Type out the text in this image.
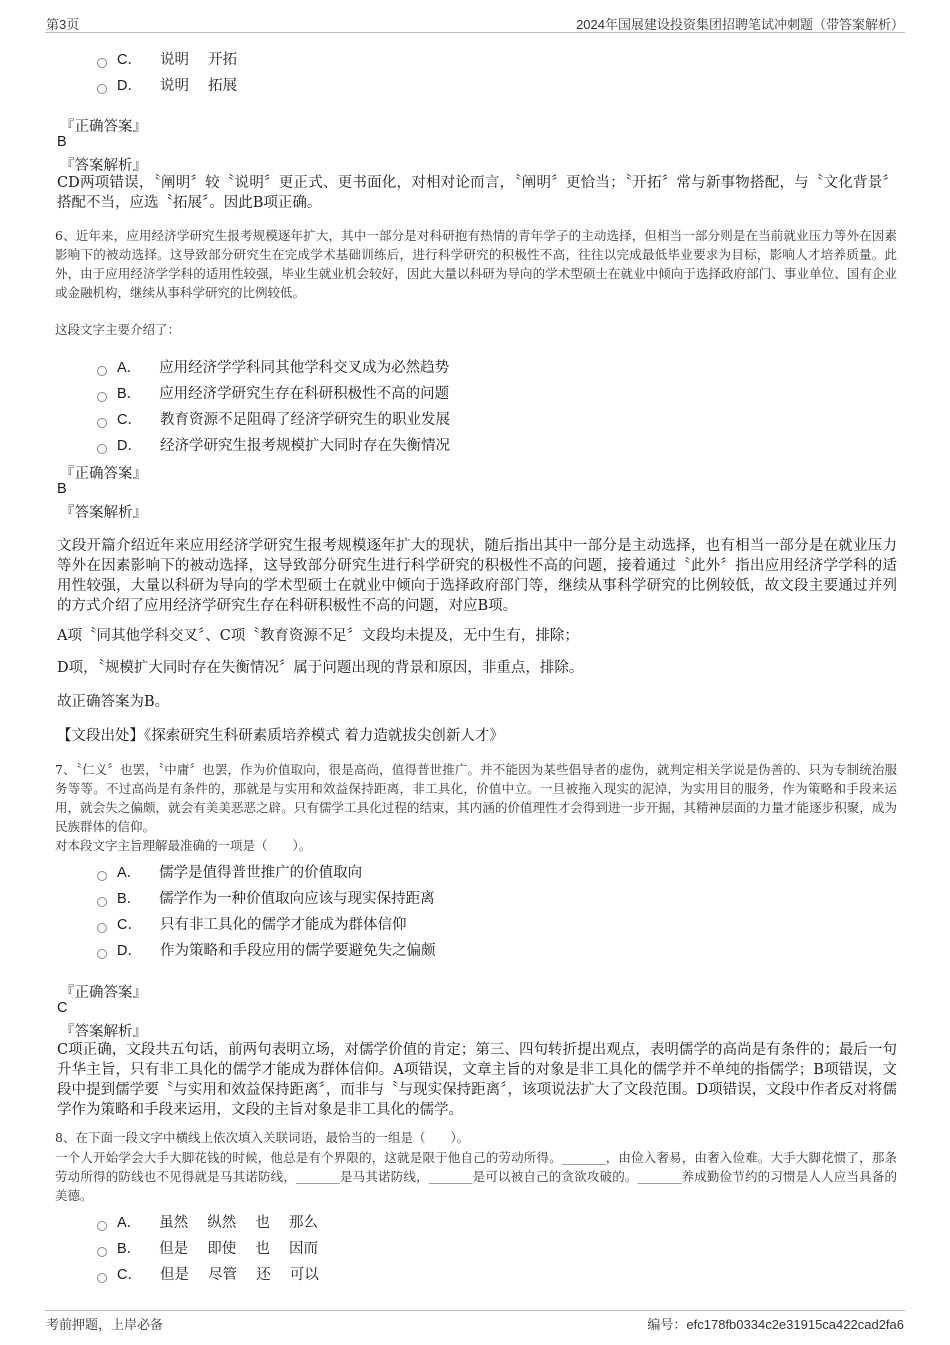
第3页	2024年国展建设投资集团招聘笔试冲刺题（带答案解析）
C． 说明　 开拓
D． 说明　 拓展
『正确答案』
B
『答案解析』
CD两项错误，〝阐明〞较〝说明〞更正式、更书面化，对相对论而言，〝阐明〞更恰当；〝开拓〞常与新事物搭配，与〝文化背景〞搭配不当，应选〝拓展〞。因此B项正确。
6、近年来，应用经济学研究生报考规模逐年扩大，其中一部分是对科研抱有热情的青年学子的主动选择，但相当一部分则是在当前就业压力等外在因素影响下的被动选择。这导致部分研究生在完成学术基础训练后，进行科学研究的积极性不高，往往以完成最低毕业要求为目标，影响人才培养质量。此外，由于应用经济学学科的适用性较强，毕业生就业机会较好，因此大量以科研为导向的学术型硕士在就业中倾向于选择政府部门、事业单位、国有企业或金融机构，继续从事科学研究的比例较低。
这段文字主要介绍了：
A． 应用经济学学科同其他学科交叉成为必然趋势
B． 应用经济学研究生存在科研积极性不高的问题
C． 教育资源不足阻碍了经济学研究生的职业发展
D． 经济学研究生报考规模扩大同时存在失衡情况
『正确答案』
B
『答案解析』
文段开篇介绍近年来应用经济学研究生报考规模逐年扩大的现状，随后指出其中一部分是主动选择，也有相当一部分是在就业压力等外在因素影响下的被动选择，这导致部分研究生进行科学研究的积极性不高的问题，接着通过〝此外〞指出应用经济学学科的适用性较强，大量以科研为导向的学术型硕士在就业中倾向于选择政府部门等，继续从事科学研究的比例较低，故文段主要通过并列的方式介绍了应用经济学研究生存在科研积极性不高的问题，对应B项。
A项〝同其他学科交叉〞、C项〝教育资源不足〞文段均未提及，无中生有，排除；
D项，〝规模扩大同时存在失衡情况〞属于问题出现的背景和原因，非重点，排除。
故正确答案为B。
【文段出处】《探索研究生科研素质培养模式 着力造就拔尖创新人才》
7、〝仁义〞也罢，〝中庸〞也罢，作为价值取向，很是高尚，值得普世推广。并不能因为某些倡导者的虚伪，就判定相关学说是伪善的、只为专制统治服务等等。不过高尚是有条件的，那就是与实用和效益保持距离，非工具化，价值中立。一旦被拖入现实的泥淖，为实用目的服务，作为策略和手段来运用，就会失之偏颇，就会有美美恶恶之辟。只有儒学工具化过程的结束，其内涵的价值理性才会得到进一步开掘，其精神层面的力量才能逐步积聚，成为民族群体的信仰。
对本段文字主旨理解最准确的一项是（　　）。
A． 儒学是值得普世推广的价值取向
B． 儒学作为一种价值取向应该与现实保持距离
C． 只有非工具化的儒学才能成为群体信仰
D． 作为策略和手段应用的儒学要避免失之偏颇
『正确答案』
C
『答案解析』
C项正确，文段共五句话，前两句表明立场，对儒学价值的肯定；第三、四句转折提出观点，表明儒学的高尚是有条件的；最后一句升华主旨，只有非工具化的儒学才能成为群体信仰。A项错误，文章主旨的对象是非工具化的儒学并不单纯的指儒学；B项错误，文段中提到儒学要〝与实用和效益保持距离〞，而非与〝与现实保持距离〞，该项说法扩大了文段范围。D项错误，文段中作者反对将儒学作为策略和手段来运用，文段的主旨对象是非工具化的儒学。
8、在下面一段文字中横线上依次填入关联词语，最恰当的一组是（　　）。
一个人开始学会大手大脚花钱的时候，他总是有个界限的，这就是限于他自己的劳动所得。_______，由俭入奢易，由奢入俭难。大手大脚花惯了，那条劳动所得的防线也不见得就是马其诺防线，_______是马其诺防线，_______是可以被自己的贪欲攻破的。_______养成勤俭节约的习惯是人人应当具备的美德。
A． 虽然　 纵然　 也　 那么
B． 但是　 即使　 也　 因而
C． 但是　 尽管　 还　 可以
考前押题，上岸必备	编号：efc178fb0334c2e31915ca422cad2fa6
